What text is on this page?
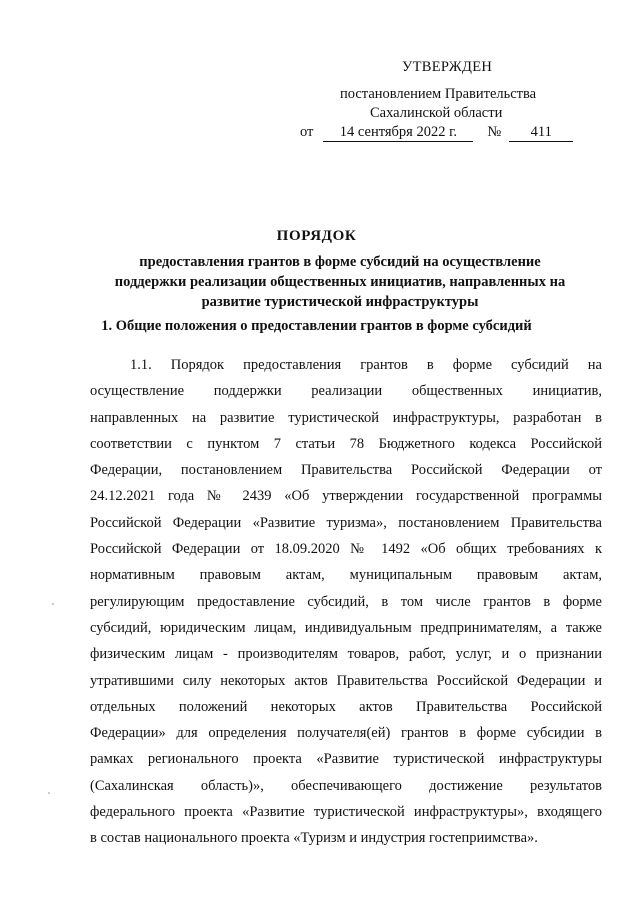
УТВЕРЖДЕН
постановлением Правительства
Сахалинской области
от	14 сентября 2022 г.	№	411
ПОРЯДОК
предоставления грантов в форме субсидий на осуществление
поддержки реализации общественных инициатив, направленных на
развитие туристической инфраструктуры
1. Общие положения о предоставлении грантов в форме субсидий
1.1. Порядок предоставления грантов в форме субсидий на
осуществление поддержки реализации общественных инициатив,
направленных на развитие туристической инфраструктуры, разработан в
соответствии с пунктом 7 статьи 78 Бюджетного кодекса Российской
Федерации, постановлением Правительства Российской Федерации от
24.12.2021 года № 2439 «Об утверждении государственной программы
Российской Федерации «Развитие туризма», постановлением Правительства
Российской Федерации от 18.09.2020 № 1492 «Об общих требованиях к
нормативным правовым актам, муниципальным правовым актам,
регулирующим предоставление субсидий, в том числе грантов в форме
субсидий, юридическим лицам, индивидуальным предпринимателям, а также
физическим лицам - производителям товаров, работ, услуг, и о признании
утратившими силу некоторых актов Правительства Российской Федерации и
отдельных положений некоторых актов Правительства Российской
Федерации» для определения получателя(ей) грантов в форме субсидии в
рамках регионального проекта «Развитие туристической инфраструктуры
(Сахалинская область)», обеспечивающего достижение результатов
федерального проекта «Развитие туристической инфраструктуры», входящего
в состав национального проекта «Туризм и индустрия гостеприимства».
